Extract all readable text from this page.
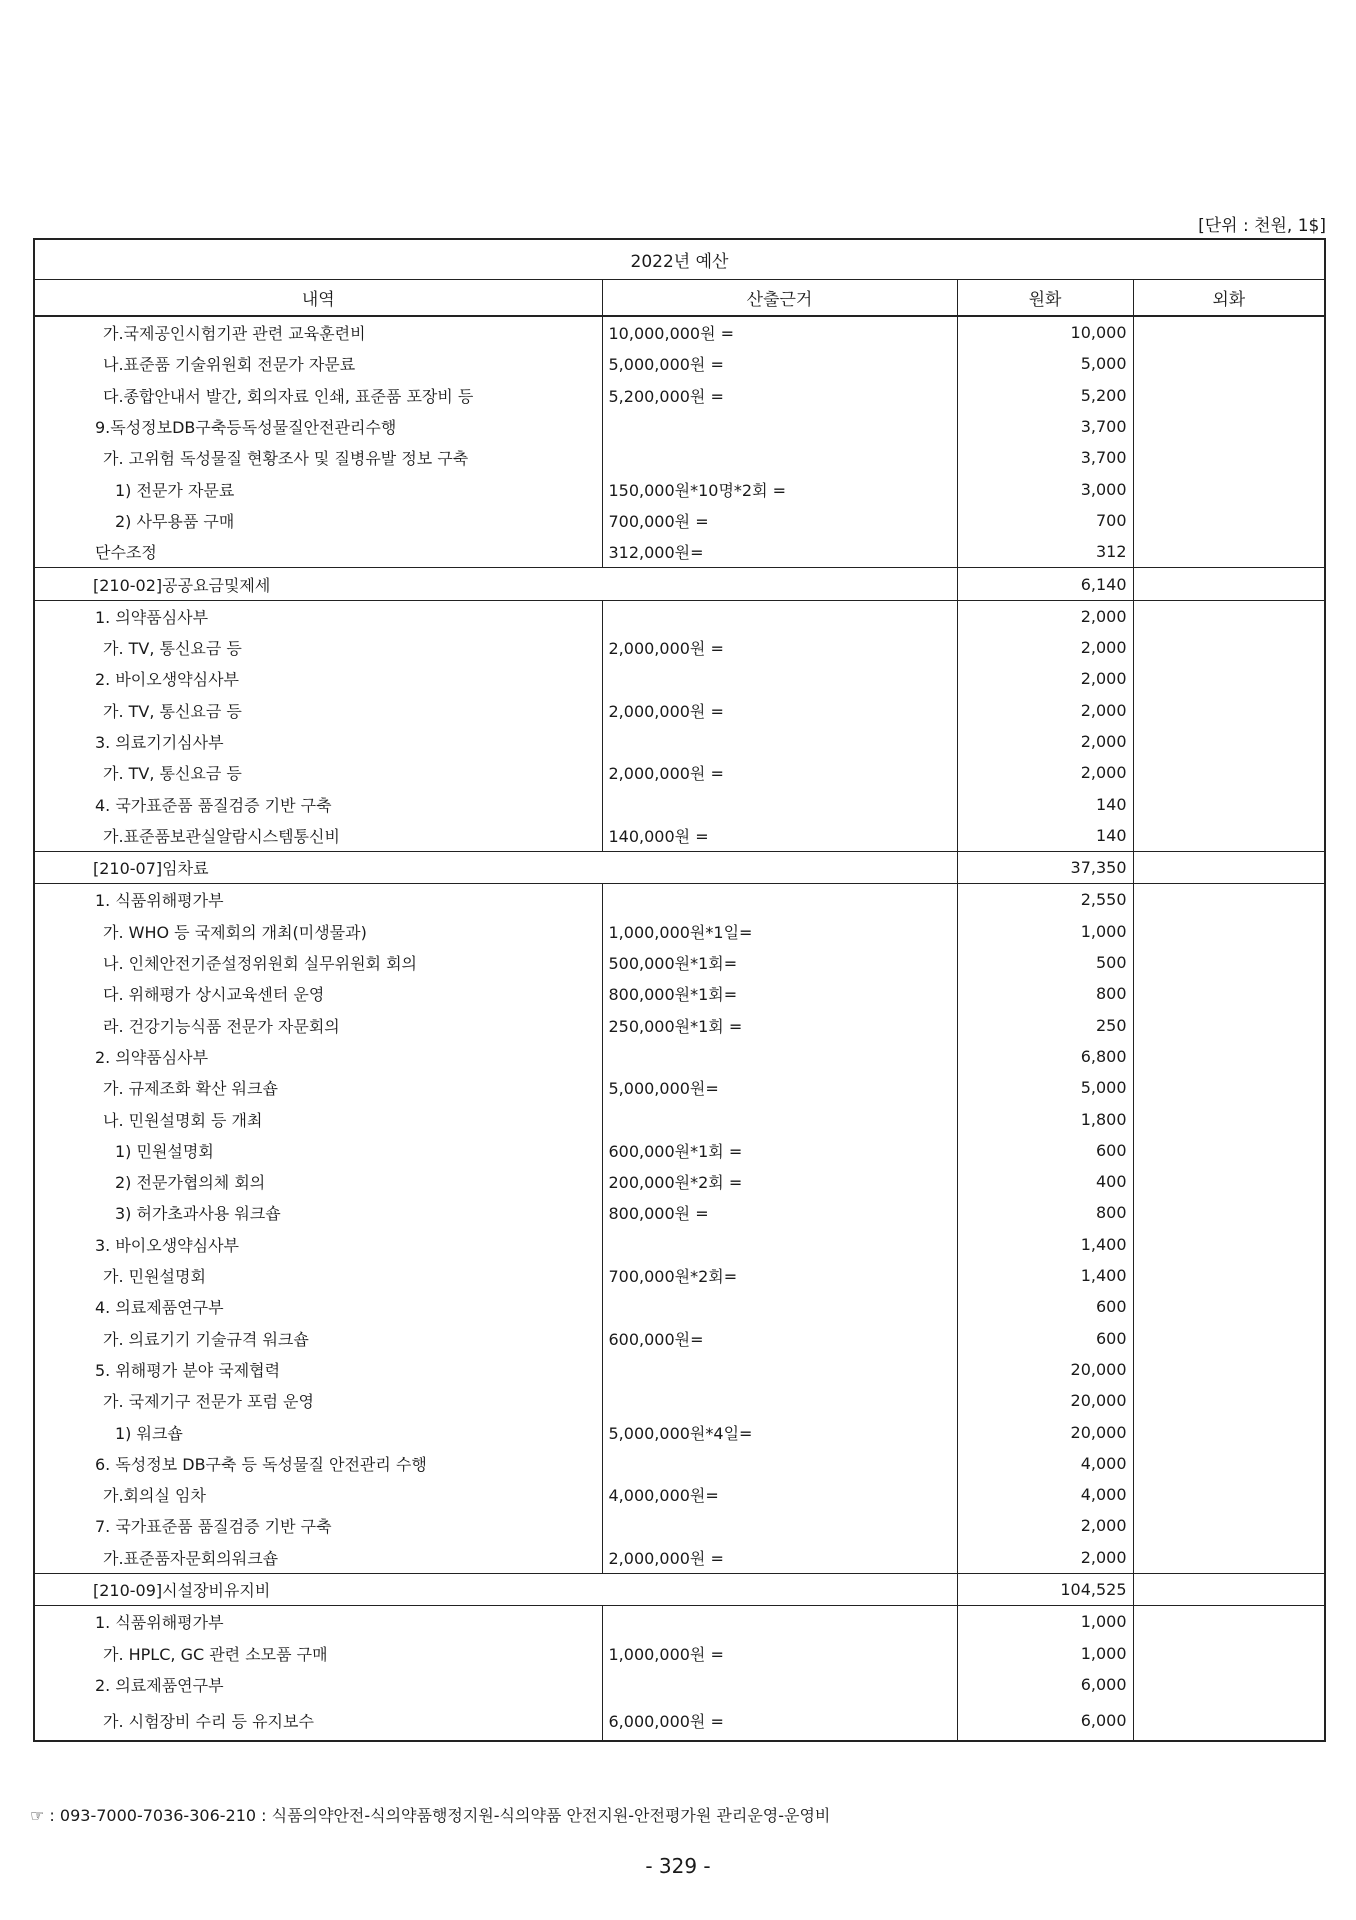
[단위 : 천원, 1$]
2022년 예산			
내역	산출근거	원화	외화
가.국제공인시험기관 관련 교육훈련비	10,000,000원 =	10,000	
나.표준품 기술위원회 전문가 자문료	5,000,000원 =	5,000	
다.종합안내서 발간, 회의자료 인쇄, 표준품 포장비 등	5,200,000원 =	5,200	
9.독성정보DB구축등독성물질안전관리수행		3,700	
가. 고위험 독성물질 현황조사 및 질병유발 정보 구축		3,700	
1) 전문가 자문료	150,000원*10명*2회 =	3,000	
2) 사무용품 구매	700,000원 =	700	
단수조정	312,000원=	312	
[210-02]공공요금및제세		6,140	
1. 의약품심사부		2,000	
가. TV, 통신요금 등	2,000,000원 =	2,000	
2. 바이오생약심사부		2,000	
가. TV, 통신요금 등	2,000,000원 =	2,000	
3. 의료기기심사부		2,000	
가. TV, 통신요금 등	2,000,000원 =	2,000	
4. 국가표준품 품질검증 기반 구축		140	
가.표준품보관실알람시스템통신비	140,000원 =	140	
[210-07]임차료		37,350	
1. 식품위해평가부		2,550	
가. WHO 등 국제회의 개최(미생물과)	1,000,000원*1일=	1,000	
나. 인체안전기준설정위원회 실무위원회 회의	500,000원*1회=	500	
다. 위해평가 상시교육센터 운영	800,000원*1회=	800	
라. 건강기능식품 전문가 자문회의	250,000원*1회 =	250	
2. 의약품심사부		6,800	
가. 규제조화 확산 워크숍	5,000,000원=	5,000	
나. 민원설명회 등 개최		1,800	
1) 민원설명회	600,000원*1회 =	600	
2) 전문가협의체 회의	200,000원*2회 =	400	
3) 허가초과사용 워크숍	800,000원 =	800	
3. 바이오생약심사부		1,400	
가. 민원설명회	700,000원*2회=	1,400	
4. 의료제품연구부		600	
가. 의료기기 기술규격 워크숍	600,000원=	600	
5. 위해평가 분야 국제협력		20,000	
가. 국제기구 전문가 포럼 운영		20,000	
1) 워크숍	5,000,000원*4일=	20,000	
6. 독성정보 DB구축 등 독성물질 안전관리 수행		4,000	
가.회의실 임차	4,000,000원=	4,000	
7. 국가표준품 품질검증 기반 구축		2,000	
가.표준품자문회의워크숍	2,000,000원 =	2,000	
[210-09]시설장비유지비		104,525	
1. 식품위해평가부		1,000	
가. HPLC, GC 관련 소모품 구매	1,000,000원 =	1,000	
2. 의료제품연구부		6,000	
가. 시험장비 수리 등 유지보수	6,000,000원 =	6,000	
☞ : 093-7000-7036-306-210 : 식품의약안전-식의약품행정지원-식의약품 안전지원-안전평가원 관리운영-운영비
- 329 -
